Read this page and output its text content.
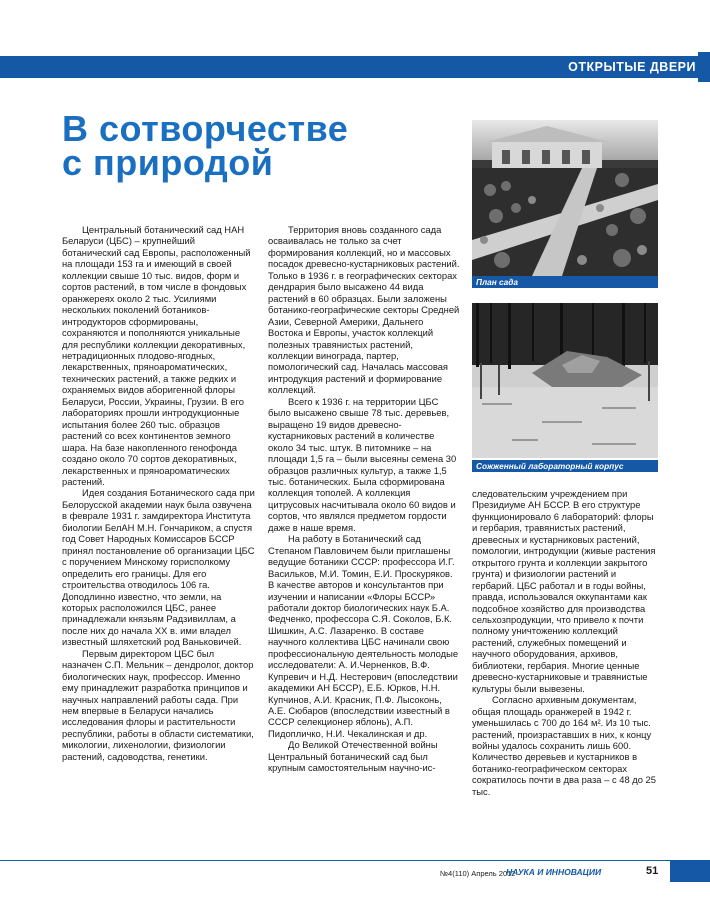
ОТКРЫТЫЕ ДВЕРИ
В сотворчестве
с природой

Центральный ботанический сад НАН Беларуси (ЦБС) – крупнейший ботанический сад Европы, расположенный на площади 153 га и имеющий в своей коллекции свыше 10 тыс. видов, форм и сортов растений, в том числе в фондовых оранжереях около 2 тыс. Усилиями нескольких поколений ботаников-интродукторов сформированы, сохраняются и пополняются уникальные для республики коллекции декоративных, нетрадиционных плодово-ягодных, лекарственных, пряноароматических, технических растений, а также редких и охраняемых видов аборигенной флоры Беларуси, России, Украины, Грузии. В его лабораториях прошли интродукционные испытания более 260 тыс. образцов растений со всех континентов земного шара. На базе накопленного генофонда создано около 70 сортов декоративных, лекарственных и пряноароматических растений.

Идея создания Ботанического сада при Белорусской академии наук была озвучена в феврале 1931 г. замдиректора Института биологии БелАН М.Н. Гончариком, а спустя год Совет Народных Комиссаров БССР принял постановление об организации ЦБС с поручением Минскому горисполкому определить его границы. Для его строительства отводилось 106 га. Доподлинно известно, что земли, на которых расположился ЦБС, ранее принадлежали князьям Радзивиллам, а после них до начала XX в. ими владел известный шляхетский род Ваньковичей.

Первым директором ЦБС был назначен С.П. Мельник – дендролог, доктор биологических наук, профессор. Именно ему принадлежит разработка принципов и научных направлений работы сада. При нем впервые в Беларуси начались исследования флоры и растительности республики, работы в области систематики, микологии, лихенологии, физиологии растений, садоводства, генетики.

Территория вновь созданного сада осваивалась не только за счет формирования коллекций, но и массовых посадок древесно-кустарниковых растений. Только в 1936 г. в географических секторах дендрария было высажено 44 вида растений в 60 образцах. Были заложены ботанико-географические секторы Средней Азии, Северной Америки, Дальнего Востока и Европы, участок коллекций полезных травянистых растений, коллекции винограда, партер, помологический сад. Началась массовая интродукция растений и формирование коллекций.

Всего к 1936 г. на территории ЦБС было высажено свыше 78 тыс. деревьев, выращено 19 видов древесно-кустарниковых растений в количестве около 34 тыс. штук. В питомнике – на площади 1,5 га – были высеяны семена 30 образцов различных культур, а также 1,5 тыс. ботанических. Была сформирована коллекция тополей. А коллекция цитрусовых насчитывала около 60 видов и сортов, что являлся предметом гордости даже в наше время.

На работу в Ботанический сад Степаном Павловичем были приглашены ведущие ботаники СССР: профессора И.Г. Васильков, М.И. Томин, Е.И. Проскуряков. В качестве авторов и консультантов при изучении и написании «Флоры БССР» работали доктор биологических наук Б.А. Федченко, профессора С.Я. Соколов, Б.К. Шишкин, А.С. Лазаренко. В составе научного коллектива ЦБС начинали свою профессиональную деятельность молодые исследователи: А. И.Черненков, В.Ф. Купревич и Н.Д. Нестерович (впоследствии академики АН БССР), Е.Б. Юрков, Н.Н. Купчинов, А.И. Красник, П.Ф. Лысоконь, А.Е. Сюбаров (впоследствии известный в СССР селекционер яблонь), А.П. Пидопличко, Н.И. Чекалинская и др.

До Великой Отечественной войны Центральный ботанический сад был крупным самостоятельным научно-ис-

План сада
Сожженный лабораторный корпус

следовательским учреждением при Президиуме АН БССР. В его структуре функционировало 6 лабораторий: флоры и гербария, травянистых растений, древесных и кустарниковых растений, помологии, интродукции (живые растения открытого грунта и коллекции закрытого грунта) и физиологии растений и гербарий. ЦБС работал и в годы войны, правда, использовался оккупантами как подсобное хозяйство для производства сельхозпродукции, что привело к почти полному уничтожению коллекций растений, служебных помещений и научного оборудования, архивов, библиотеки, гербария. Многие ценные древесно-кустарниковые и травянистые культуры были вывезены.

Согласно архивным документам, общая площадь оранжерей в 1942 г. уменьшилась с 700 до 164 м². Из 10 тыс. растений, произраставших в них, к концу войны удалось сохранить лишь 600. Количество деревьев и кустарников в ботанико-географическом секторах сократилось почти в два раза – с 48 до 25 тыс.

№4(110) Апрель 2012
НАУКА И ИННОВАЦИИ	51
